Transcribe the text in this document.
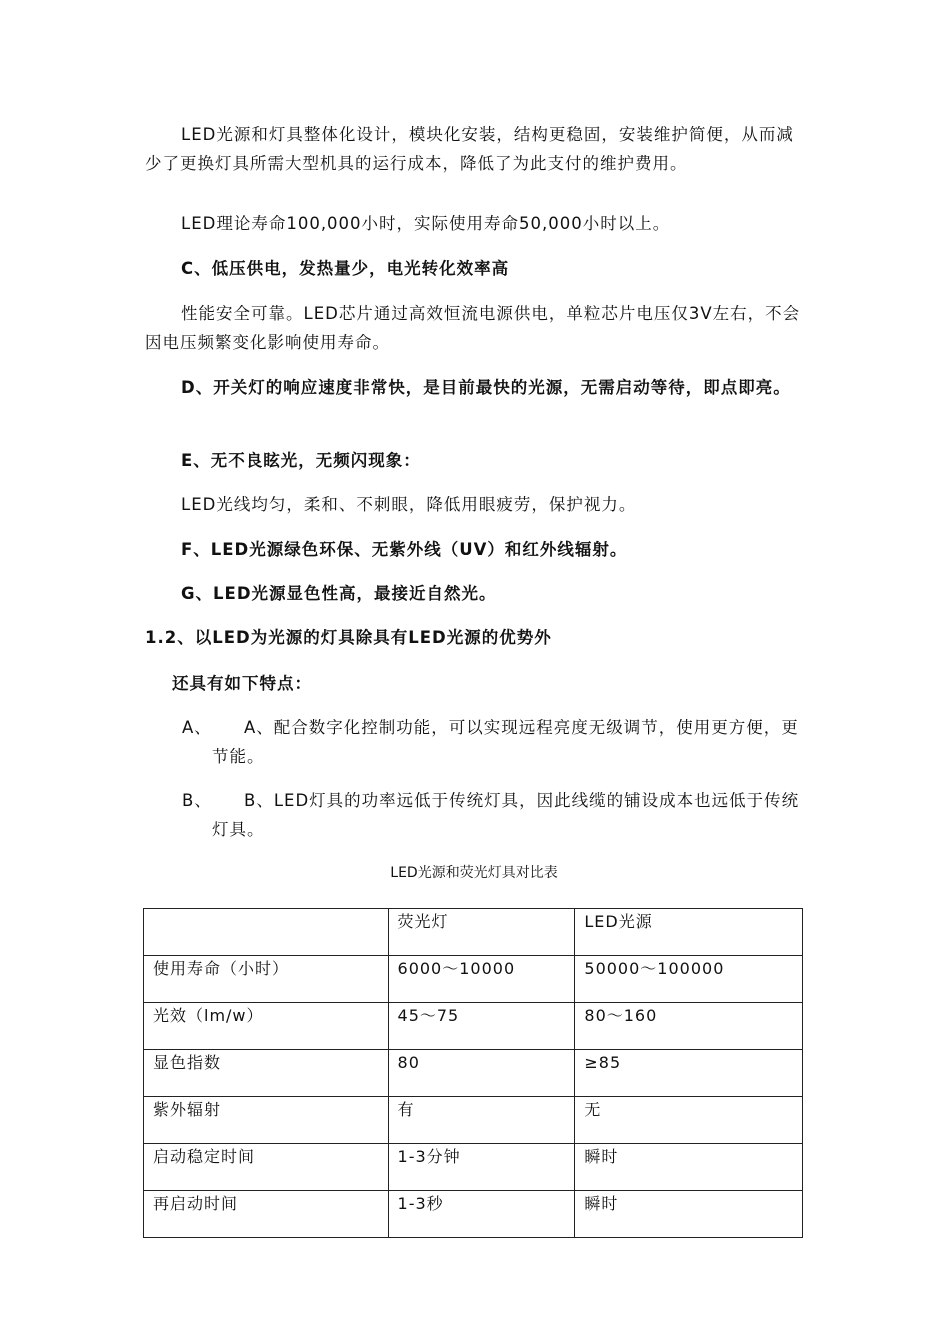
LED光源和灯具整体化设计，模块化安装，结构更稳固，安装维护简便，从而减少了更换灯具所需大型机具的运行成本，降低了为此支付的维护费用。

LED理论寿命100,000小时，实际使用寿命50,000小时以上。

C、低压供电，发热量少，电光转化效率高

性能安全可靠。LED芯片通过高效恒流电源供电，单粒芯片电压仅3V左右，不会因电压频繁变化影响使用寿命。

D、开关灯的响应速度非常快，是目前最快的光源，无需启动等待，即点即亮。

E、无不良眩光，无频闪现象：

LED光线均匀，柔和、不刺眼，降低用眼疲劳，保护视力。

F、LED光源绿色环保、无紫外线（UV）和红外线辐射。

G、LED光源显色性高，最接近自然光。

1.2、以LED为光源的灯具除具有LED光源的优势外

还具有如下特点：

A、	A、配合数字化控制功能，可以实现远程亮度无级调节，使用更方便，更节能。

B、	B、LED灯具的功率远低于传统灯具，因此线缆的铺设成本也远低于传统灯具。

LED光源和荧光灯具对比表
	荧光灯	LED光源
使用寿命（小时）	6000～10000	50000～100000
光效（lm/w）	45～75	80～160
显色指数	80	≥85
紫外辐射	有	无
启动稳定时间	1-3分钟	瞬时
再启动时间	1-3秒	瞬时
